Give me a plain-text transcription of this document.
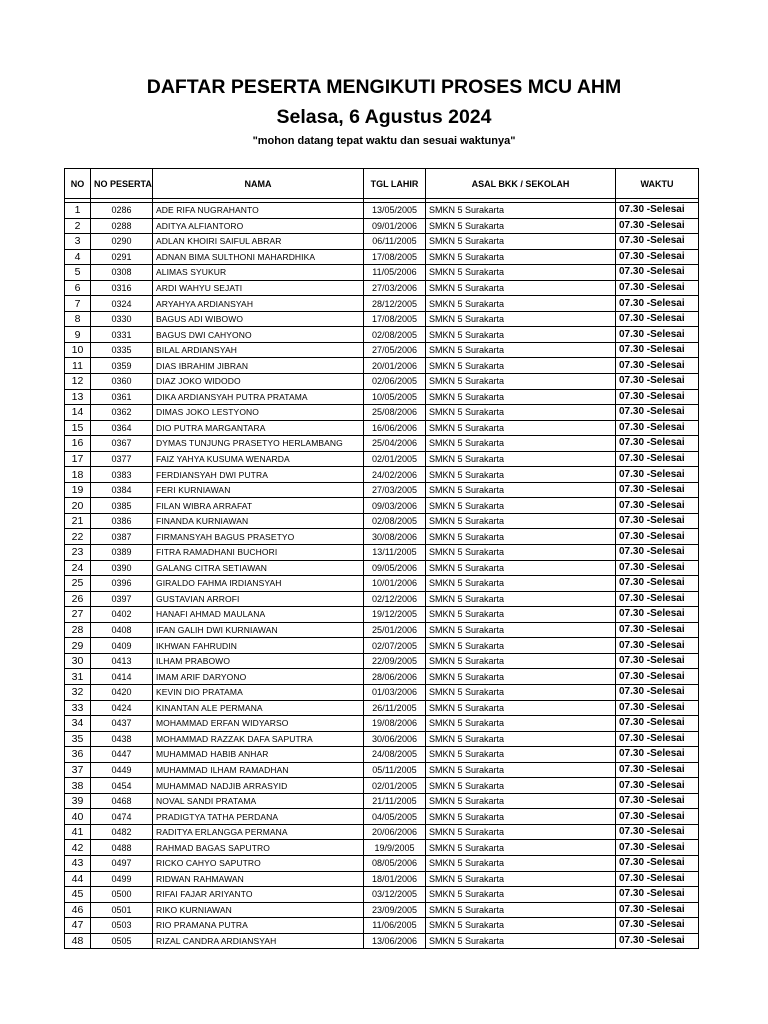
DAFTAR PESERTA MENGIKUTI PROSES MCU AHM
Selasa, 6 Agustus 2024
"mohon datang tepat waktu dan sesuai waktunya"
NO	NO PESERTA	NAMA	TGL LAHIR	ASAL BKK / SEKOLAH	WAKTU

1	0286	ADE RIFA NUGRAHANTO	13/05/2005	SMKN 5 Surakarta	07.30 -Selesai
2	0288	ADITYA ALFIANTORO	09/01/2006	SMKN 5 Surakarta	07.30 -Selesai
3	0290	ADLAN KHOIRI SAIFUL ABRAR	06/11/2005	SMKN 5 Surakarta	07.30 -Selesai
4	0291	ADNAN BIMA SULTHONI MAHARDHIKA	17/08/2005	SMKN 5 Surakarta	07.30 -Selesai
5	0308	ALIMAS SYUKUR	11/05/2006	SMKN 5 Surakarta	07.30 -Selesai
6	0316	ARDI WAHYU SEJATI	27/03/2006	SMKN 5 Surakarta	07.30 -Selesai
7	0324	ARYAHYA ARDIANSYAH	28/12/2005	SMKN 5 Surakarta	07.30 -Selesai
8	0330	BAGUS ADI WIBOWO	17/08/2005	SMKN 5 Surakarta	07.30 -Selesai
9	0331	BAGUS DWI CAHYONO	02/08/2005	SMKN 5 Surakarta	07.30 -Selesai
10	0335	BILAL ARDIANSYAH	27/05/2006	SMKN 5 Surakarta	07.30 -Selesai
11	0359	DIAS IBRAHIM JIBRAN	20/01/2006	SMKN 5 Surakarta	07.30 -Selesai
12	0360	DIAZ JOKO WIDODO	02/06/2005	SMKN 5 Surakarta	07.30 -Selesai
13	0361	DIKA ARDIANSYAH PUTRA PRATAMA	10/05/2005	SMKN 5 Surakarta	07.30 -Selesai
14	0362	DIMAS JOKO LESTYONO	25/08/2006	SMKN 5 Surakarta	07.30 -Selesai
15	0364	DIO PUTRA MARGANTARA	16/06/2006	SMKN 5 Surakarta	07.30 -Selesai
16	0367	DYMAS TUNJUNG PRASETYO HERLAMBANG	25/04/2006	SMKN 5 Surakarta	07.30 -Selesai
17	0377	FAIZ YAHYA KUSUMA WENARDA	02/01/2005	SMKN 5 Surakarta	07.30 -Selesai
18	0383	FERDIANSYAH DWI PUTRA	24/02/2006	SMKN 5 Surakarta	07.30 -Selesai
19	0384	FERI KURNIAWAN	27/03/2005	SMKN 5 Surakarta	07.30 -Selesai
20	0385	FILAN WIBRA ARRAFAT	09/03/2006	SMKN 5 Surakarta	07.30 -Selesai
21	0386	FINANDA KURNIAWAN	02/08/2005	SMKN 5 Surakarta	07.30 -Selesai
22	0387	FIRMANSYAH BAGUS PRASETYO	30/08/2006	SMKN 5 Surakarta	07.30 -Selesai
23	0389	FITRA RAMADHANI BUCHORI	13/11/2005	SMKN 5 Surakarta	07.30 -Selesai
24	0390	GALANG CITRA SETIAWAN	09/05/2006	SMKN 5 Surakarta	07.30 -Selesai
25	0396	GIRALDO FAHMA IRDIANSYAH	10/01/2006	SMKN 5 Surakarta	07.30 -Selesai
26	0397	GUSTAVIAN ARROFI	02/12/2006	SMKN 5 Surakarta	07.30 -Selesai
27	0402	HANAFI AHMAD MAULANA	19/12/2005	SMKN 5 Surakarta	07.30 -Selesai
28	0408	IFAN GALIH DWI KURNIAWAN	25/01/2006	SMKN 5 Surakarta	07.30 -Selesai
29	0409	IKHWAN FAHRUDIN	02/07/2005	SMKN 5 Surakarta	07.30 -Selesai
30	0413	ILHAM PRABOWO	22/09/2005	SMKN 5 Surakarta	07.30 -Selesai
31	0414	IMAM ARIF DARYONO	28/06/2006	SMKN 5 Surakarta	07.30 -Selesai
32	0420	KEVIN DIO PRATAMA	01/03/2006	SMKN 5 Surakarta	07.30 -Selesai
33	0424	KINANTAN ALE PERMANA	26/11/2005	SMKN 5 Surakarta	07.30 -Selesai
34	0437	MOHAMMAD ERFAN WIDYARSO	19/08/2006	SMKN 5 Surakarta	07.30 -Selesai
35	0438	MOHAMMAD RAZZAK DAFA SAPUTRA	30/06/2006	SMKN 5 Surakarta	07.30 -Selesai
36	0447	MUHAMMAD HABIB ANHAR	24/08/2005	SMKN 5 Surakarta	07.30 -Selesai
37	0449	MUHAMMAD ILHAM RAMADHAN	05/11/2005	SMKN 5 Surakarta	07.30 -Selesai
38	0454	MUHAMMAD NADJIB ARRASYID	02/01/2005	SMKN 5 Surakarta	07.30 -Selesai
39	0468	NOVAL SANDI PRATAMA	21/11/2005	SMKN 5 Surakarta	07.30 -Selesai
40	0474	PRADIGTYA TATHA PERDANA	04/05/2005	SMKN 5 Surakarta	07.30 -Selesai
41	0482	RADITYA ERLANGGA PERMANA	20/06/2006	SMKN 5 Surakarta	07.30 -Selesai
42	0488	RAHMAD BAGAS SAPUTRO	19/9/2005	SMKN 5 Surakarta	07.30 -Selesai
43	0497	RICKO CAHYO SAPUTRO	08/05/2006	SMKN 5 Surakarta	07.30 -Selesai
44	0499	RIDWAN RAHMAWAN	18/01/2006	SMKN 5 Surakarta	07.30 -Selesai
45	0500	RIFAI FAJAR ARIYANTO	03/12/2005	SMKN 5 Surakarta	07.30 -Selesai
46	0501	RIKO KURNIAWAN	23/09/2005	SMKN 5 Surakarta	07.30 -Selesai
47	0503	RIO PRAMANA PUTRA	11/06/2005	SMKN 5 Surakarta	07.30 -Selesai
48	0505	RIZAL CANDRA ARDIANSYAH	13/06/2006	SMKN 5 Surakarta	07.30 -Selesai
